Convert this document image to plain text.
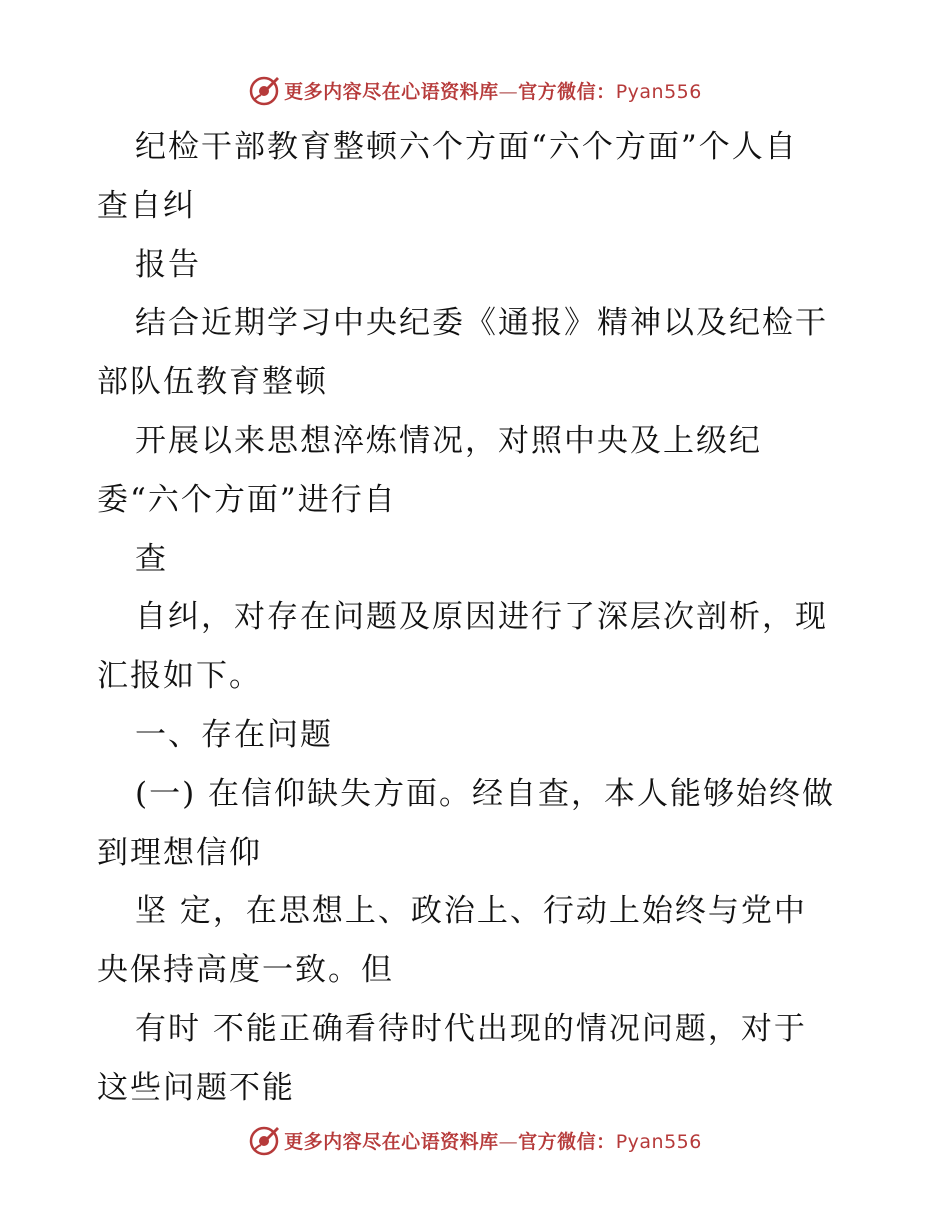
更多内容尽在心语资料库—官方微信：Pyan556
纪检干部教育整顿六个方面“六个方面”个人自
查自纠
报告
结合近期学习中央纪委《通报》精神以及纪检干
部队伍教育整顿
开展以来思想淬炼情况，对照中央及上级纪
委“六个方面”进行自
查
自纠，对存在问题及原因进行了深层次剖析，现
汇报如下。
一、存在问题
(一) 在信仰缺失方面。经自查，本人能够始终做
到理想信仰
坚 定，在思想上、政治上、行动上始终与党中
央保持高度一致。但
有时 不能正确看待时代出现的情况问题，对于
这些问题不能
更多内容尽在心语资料库—官方微信：Pyan556
